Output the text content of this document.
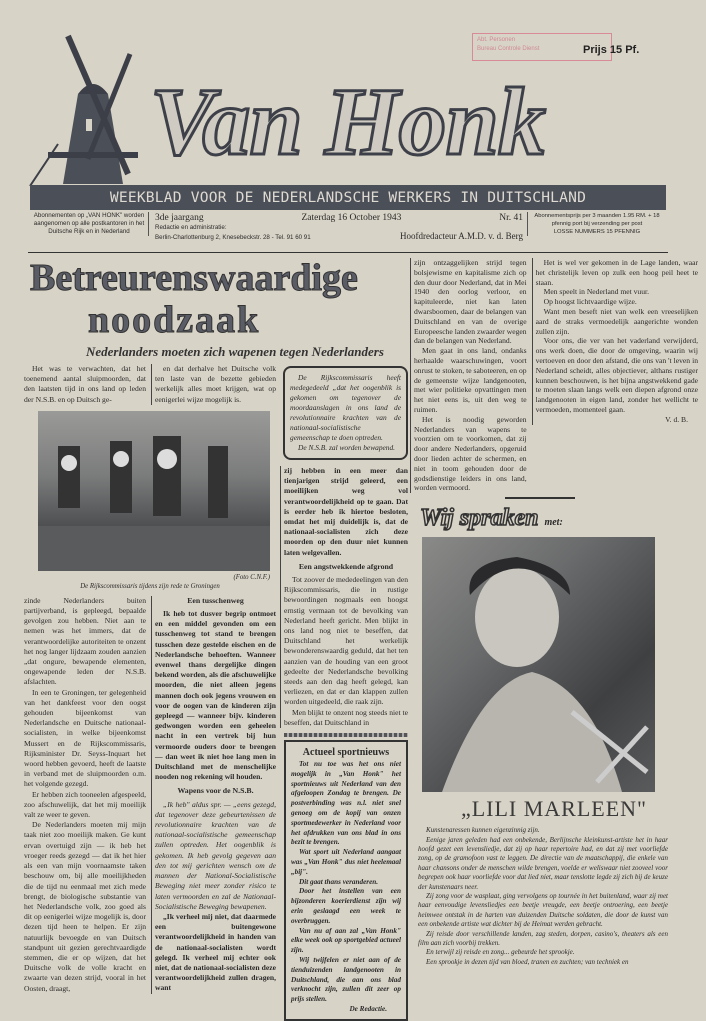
Abt. Personen
Bureau Controle Dienst	Prijs 15 Pf.
Van Honk
WEEKBLAD VOOR DE NEDERLANDSCHE WERKERS IN DUITSCHLAND
Abonnementen op „VAN HONK" worden aangenomen op alle postkantoren in het Duitsche Rijk en in Nederland
3de jaargang	Zaterdag 16 October 1943	Nr. 41
Redactie en administratie:
Berlin-Charlottenburg 2, Knesebeckstr. 28 - Tel. 91 60 91	Hoofdredacteur A.M.D. v. d. Berg
Abonnementsprijs per 3 maanden 1.95 RM. + 18 pfennig port bij verzending per post
LOSSE NUMMERS 15 PFENNIG
Betreurenswaardige
noodzaak
Nederlanders moeten zich wapenen tegen Nederlanders

Het was te verwachten, dat het toenemend aantal sluipmoorden, dat den laatsten tijd in ons land op leden der N.S.B. en op Duitsch ge-

en dat derhalve het Duitsche volk ten laste van de bezette gebieden werkelijk alles moet krijgen, wat op eenigerlei wijze mogelijk is.

(Foto C.N.F.)
De Rijkscommissaris tijdens zijn rede te Groningen

zinde Nederlanders buiten partijverband, is gepleegd, bepaalde gevolgen zou hebben. Niet aan te nemen was het immers, dat de verantwoordelijke autoriteiten te onzent het nog langer lijdzaam zouden aanzien „dat ongure, bewapende elementen, ongewapende leden der N.S.B. afslachten.

In een te Groningen, ter gelegenheid van het dankfeest voor den oogst gehouden bijeenkomst van Nederlandsche en Duitsche nationaal-socialisten, in welke bijeenkomst Mussert en de Rijkscommissaris, Rijksminister Dr. Seyss-Inquart het woord hebben gevoerd, heeft de laatste in verband met de sluipmoorden o.m. het volgende gezegd.

Er hebben zich tooneelen afgespeeld, zoo afschuwelijk, dat het mij moeilijk valt ze weer te geven.

De Nederlanders moeten mij mijn taak niet zoo moeilijk maken. Ge kunt ervan overtuigd zijn — ik heb het vroeger reeds gezegd — dat ik het hier als een van mijn voornaamste taken beschouw om, bij alle moeilijkheden die de tijd nu eenmaal met zich mede brengt, de biologische substantie van het Nederlandsche volk, zoo goed als dit op eenigerlei wijze mogelijk is, door dezen tijd heen te helpen. Er zijn natuurlijk bevoegde en van Duitsch standpunt uit gezien gerechtvaardigde stemmen, die er op wijzen, dat het Duitsche volk de volle kracht en zwaarte van dezen strijd, vooral in het Oosten, draagt,

Een tusschenweg

Ik heb tot dusver begrip ontmoet en een middel gevonden om een tusschenweg tot stand te brengen tusschen deze gestelde eischen en de Nederlandsche behoeften. Wanneer evenwel thans dergelijke dingen bekend worden, als die afschuwelijke moorden, die niet alleen jegens mannen doch ook jegens vrouwen en voor de oogen van de kinderen zijn gepleegd — wanneer bijv. kinderen gedwongen worden een geheelen nacht in een vertrek bij hun vermoorde ouders door te brengen — dan weet ik niet hoe lang men in Duitschland met de menschelijke nooden nog rekening wil houden.

Wapens voor de N.S.B.

„Ik heb" aldus spr. — „eens gezegd, dat tegenover deze gebeurtenissen de revolutionnaire krachten van de nationaal-socialistische gemeenschap zullen optreden. Het oogenblik is gekomen. Ik heb gevolg gegeven aan den tot mij gerichten wensch om de mannen der National-Socialistische Beweging niet meer zonder risico te laten vermoorden en zal de Nationaal-Socialistische Beweging bewapenen.

„Ik verheel mij niet, dat daarmede een buitengewone verantwoordelijkheid in handen van de nationaal-socialisten wordt gelegd. Ik verheel mij echter ook niet, dat de nationaal-socialisten deze verantwoordelijkheid zullen dragen, want

De Rijkscommissaris heeft medegedeeld „dat het oogenblik is gekomen om tegenover de moordaanslagen in ons land de revolutionnaire krachten van de nationaal-socialistische gemeenschap te doen optreden.

De N.S.B. zal worden bewapend.

zij hebben in een meer dan tienjarigen strijd geleerd, een moeilijken weg vol verantwoordelijkheid op te gaan. Dat is eerder heb ik hiertoe besloten, omdat het mij duidelijk is, dat de nationaal-socialisten zich deze moorden op den duur niet kunnen laten welgevallen.

Een angstwekkende afgrond

Tot zoover de mededeelingen van den Rijkscommissaris, die in rustige bewoordingen nogmaals een hoogst ernstig vermaan tot de bevolking van Nederland heeft gericht. Men blijkt in ons land nog niet te beseffen, dat Duitschland het werkelijk bewonderenswaardig geduld, dat het ten aanzien van de houding van een groot gedeelte der Nederlandsche bevolking steeds aan den dag heeft gelegd, kan verliezen, en dat er dan klappen zullen worden uitgedeeld, die raak zijn.

Men blijkt te onzent nog steeds niet te beseffen, dat Duitschland in

Actueel sportnieuws

Tot nu toe was het ons niet mogelijk in „Van Honk" het sportnieuws uit Nederland van den afgeloopen Zondag te brengen. De postverbinding was n.l. niet snel genoeg om de kopij van onzen sportmedewerker in Nederland voor het afdrukken van ons blad in ons bezit te brengen.

Wat sport uit Nederland aangaat was „Van Honk" dus niet heelemaal „bij".

Dit gaat thans veranderen.

Door het instellen van een bijzonderen koerierdienst zijn wij erin geslaagd een week te overbruggen.

Van nu af aan zal „Van Honk" elke week ook op sportgebied actueel zijn.

Wij twijfelen er niet aan of de tienduizenden landgenooten in Duitschland, die aan ons blad verknocht zijn, zullen dit zeer op prijs stellen.

De Redactie.

zijn ontzaggelijken strijd tegen bolsjewisme en kapitalisme zich op den duur door Nederland, dat in Mei 1940 den oorlog verloor, en kapituleerde, niet kan laten dwarsboomen, daar de belangen van Duitschland en van de overige Europeesche landen zwaarder wegen dan de belangen van Nederland.

Men gaat in ons land, ondanks herhaalde waarschuwingen, voort onrust te stoken, te saboteeren, en op de gemeenste wijze landgenooten, met wier politieke opvattingen men het niet eens is, uit den weg te ruimen.

Het is noodig geworden Nederlanders van wapens te voorzien om te voorkomen, dat zij door andere Nederlanders, opgeruid door lieden achter de schermen, en niet in toom gehouden door de godsdienstige leiders in ons land, worden vermoord.

Het is wel ver gekomen in de Lage landen, waar het christelijk leven op zulk een hoog peil heet te staan.

Men speelt in Nederland met vuur.

Op hoogst lichtvaardige wijze.

Want men beseft niet van welk een vreeselijken aard de straks vermoedelijk aangerichte wonden zullen zijn.

Voor ons, die ver van het vaderland verwijderd, ons werk doen, die door de omgeving, waarin wij vertoeven en door den afstand, die ons van 't leven in Nederland scheidt, alles objectiever, althans rustiger kunnen beschouwen, is het bijna angstwekkend gade te moeten slaan langs welk een diepen afgrond onze landgenooten in eigen land, zonder het wellicht te vermoeden, momenteel gaan.

V. d. B.
Wij spraken met:
„LILI MARLEEN"

Kunstenaressen kunnen eigenzinnig zijn.

Eenige jaren geleden had een onbekende, Berlijnsche kleinkunst-artiste het in haar hoofd gezet een levensliedje, dat zij op haar repertoire had, en dat zij met voorliefde zong, op de gramofoon vast te leggen. De directie van de maatschappij, die enkele van haar chansons onder de menschen wilde brengen, voelde er weliswaar niet zooveel voor begrepen ook haar voorliefde voor dat lied niet, maar tenslotte legde zij zich bij de keuze der kunstenaars neer.

Zij zong voor de wasplaat, ging vervolgens op tournée in het buitenland, waar zij met haar eenvoudige levensliedjes een beetje vreugde, een beetje ontroering, een beetje heimwee ontstak in de harten van duizenden Duitsche soldaten, die door de kunst van een onbekende artiste wat dichter bij de Heimat werden gebracht.

Zij reisde door verschillende landen, zag steden, dorpen, casino's, theaters als een film aan zich voorbij trekken.

En terwijl zij reisde en zong... gebeurde het sprookje.

Een sprookje in dezen tijd van bloed, tranen en zuchten; van techniek en
